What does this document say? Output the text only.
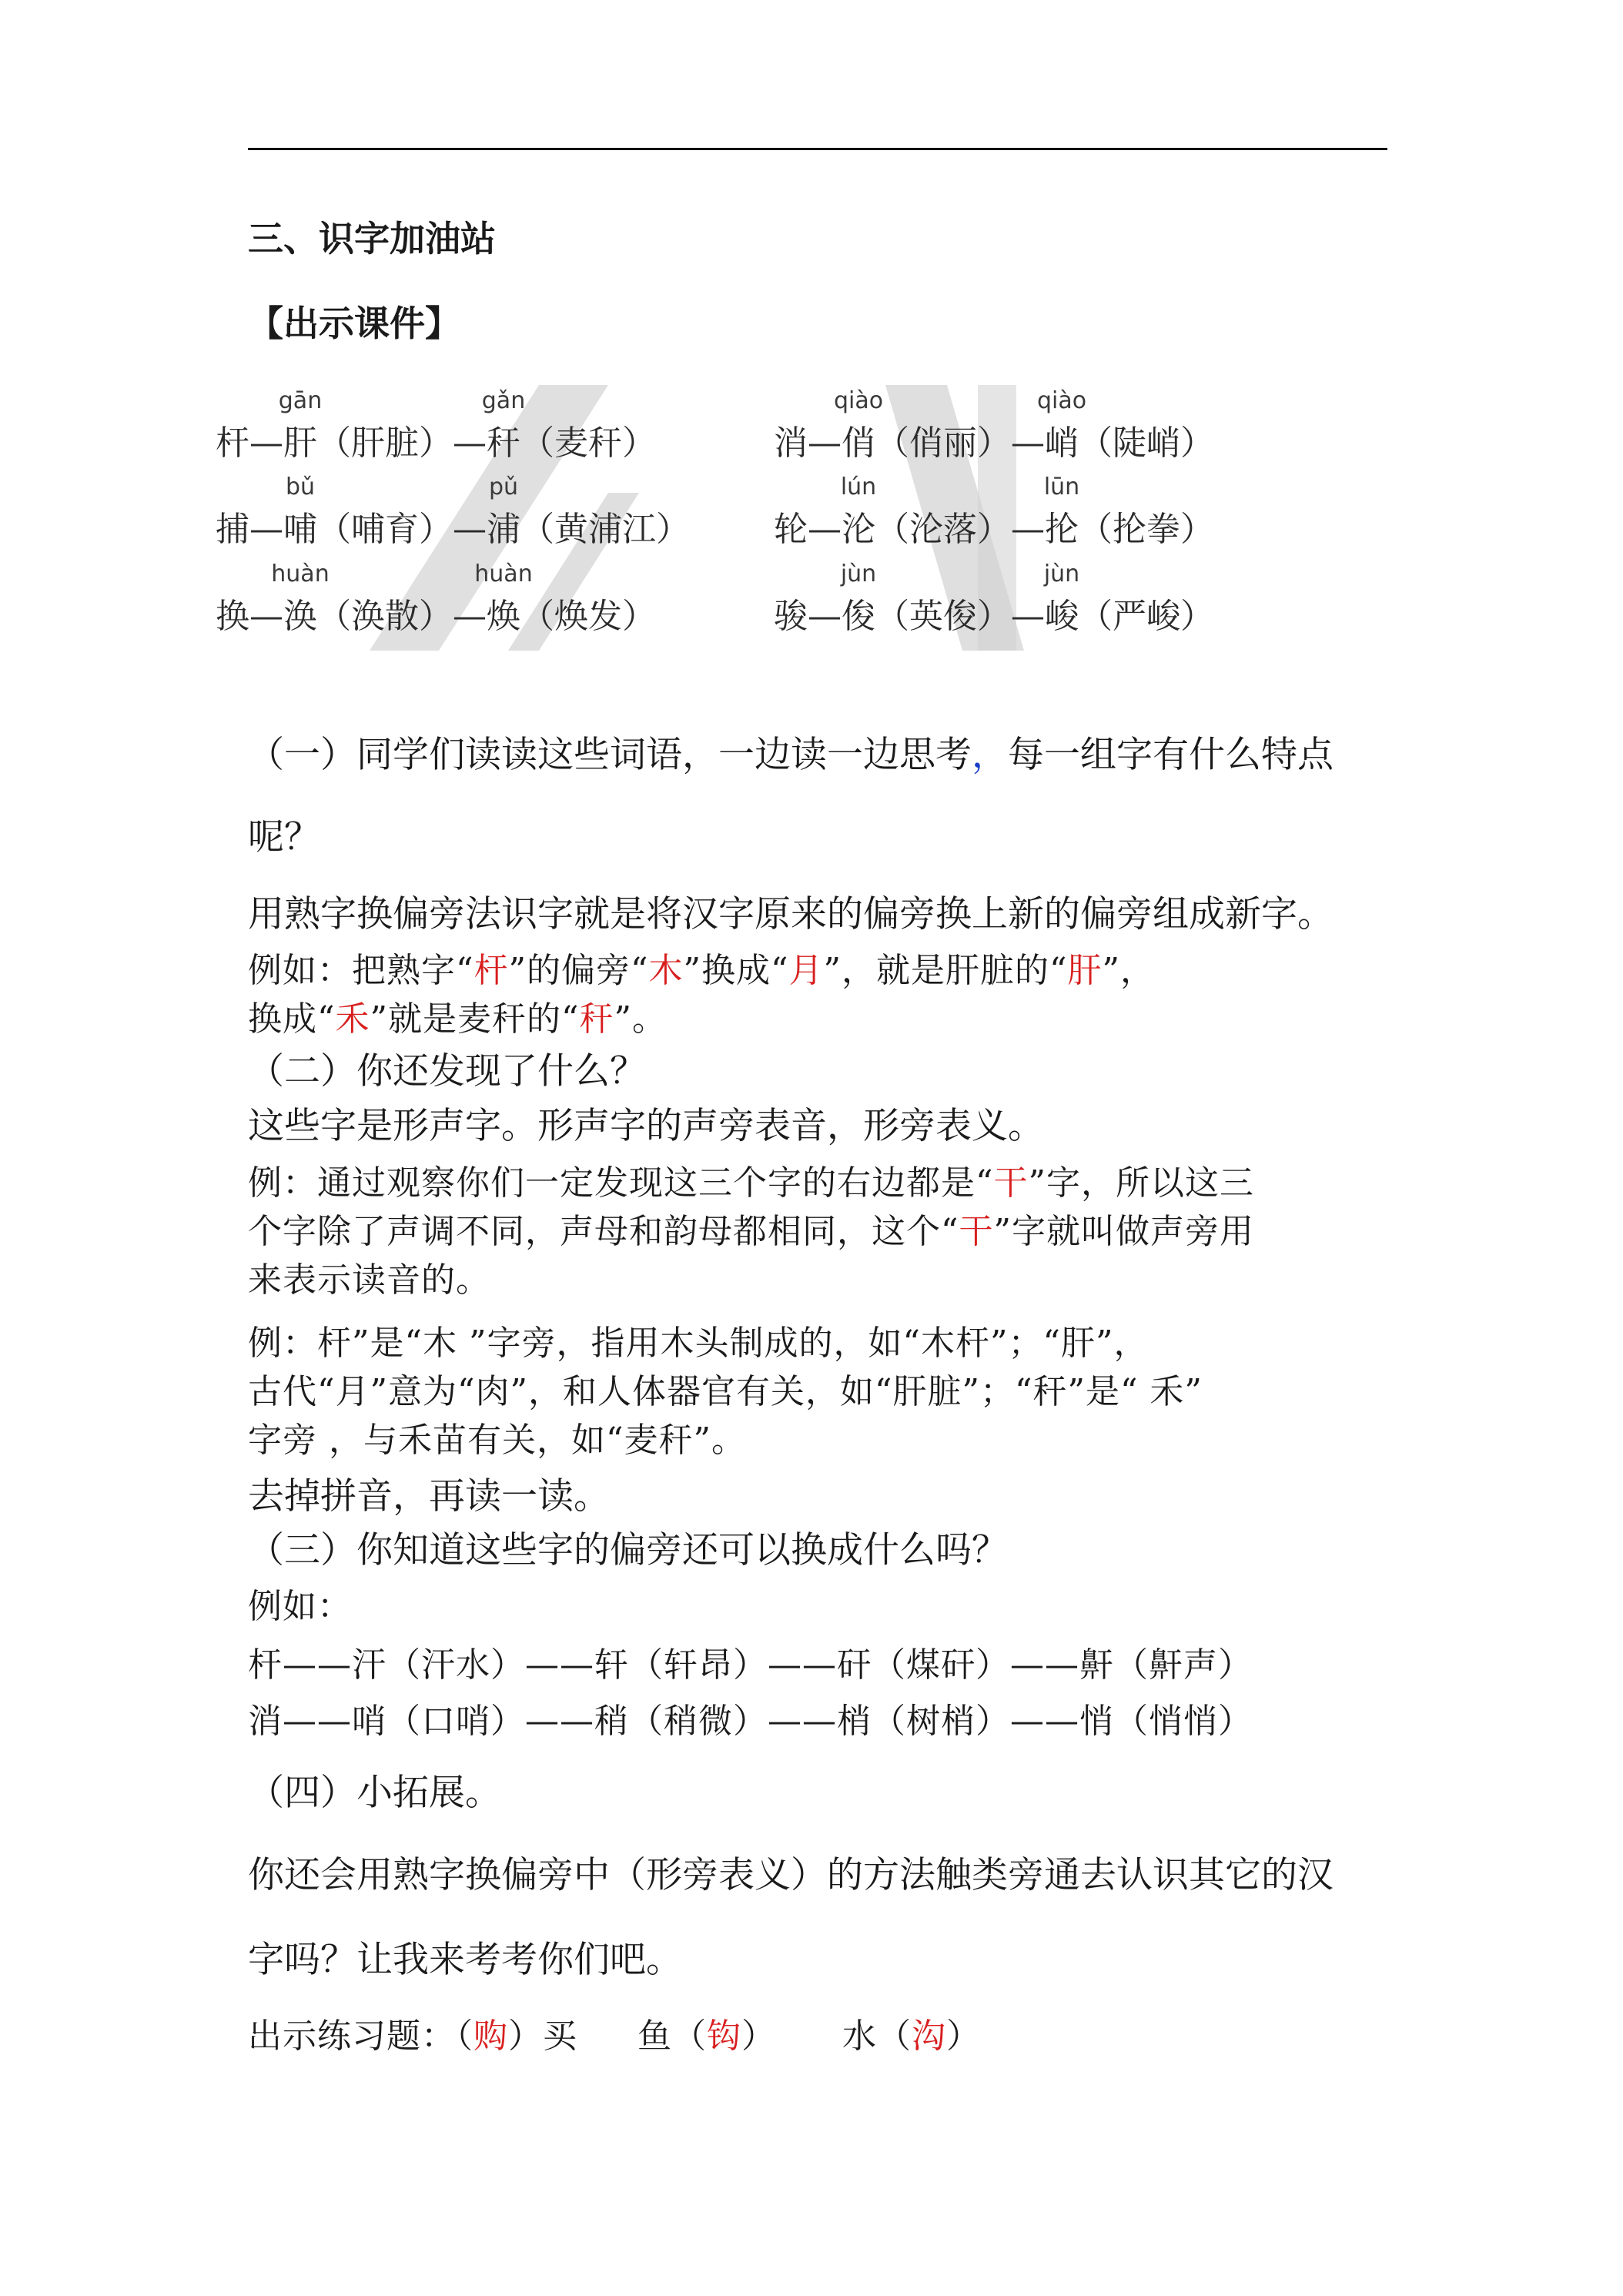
三、识字加油站
【出示课件】
杆—
gān
肝 （肝脏）—
gǎn
秆 （麦秆）	消—
qiào
俏 （俏丽）—
qiào
峭 （陡峭）
捕—
bǔ
哺 （哺育）—
pǔ
浦 （黄浦江） 轮—
lún
沦 （沦落）—
lūn
抡 （抡拳）
换—
huàn
涣 （涣散）—
huàn
焕 （焕发）	骏—
jùn
俊 （英俊）—
jùn
峻 （严峻）
（一）同学们读读这些词语，一边读一边思考，每一组字有什么特点
呢？
用熟字换偏旁法识字就是将汉字原来的偏旁换上新的偏旁组成新字。
例如：把熟字“杆”的偏旁“木”换成“月”，就是肝脏的“肝”，
换成“禾”就是麦秆的“秆”。
（二）你还发现了什么？
这些字是形声字。形声字的声旁表音，形旁表义。
例：通过观察你们一定发现这三个字的右边都是“干”字，所以这三
个字除了声调不同，声母和韵母都相同，这个“干”字就叫做声旁用
来表示读音的。
例：杆”是“木 ”字旁，指用木头制成的，如“木杆”；“肝”，
古代“月”意为“肉”，和人体器官有关，如“肝脏”；“秆”是“ 禾”
字旁 ，与禾苗有关，如“麦秆”。
去掉拼音，再读一读。
（三）你知道这些字的偏旁还可以换成什么吗？
例如：
杆——汗（汗水）——轩（轩昂）——矸（煤矸）——鼾（鼾声）
消——哨（口哨）——稍（稍微）——梢（树梢）——悄（悄悄）
（四）小拓展。
你还会用熟字换偏旁中（形旁表义）的方法触类旁通去认识其它的汉
字吗？让我来考考你们吧。
出示练习题：（购）买 鱼（钩） 水（沟）
